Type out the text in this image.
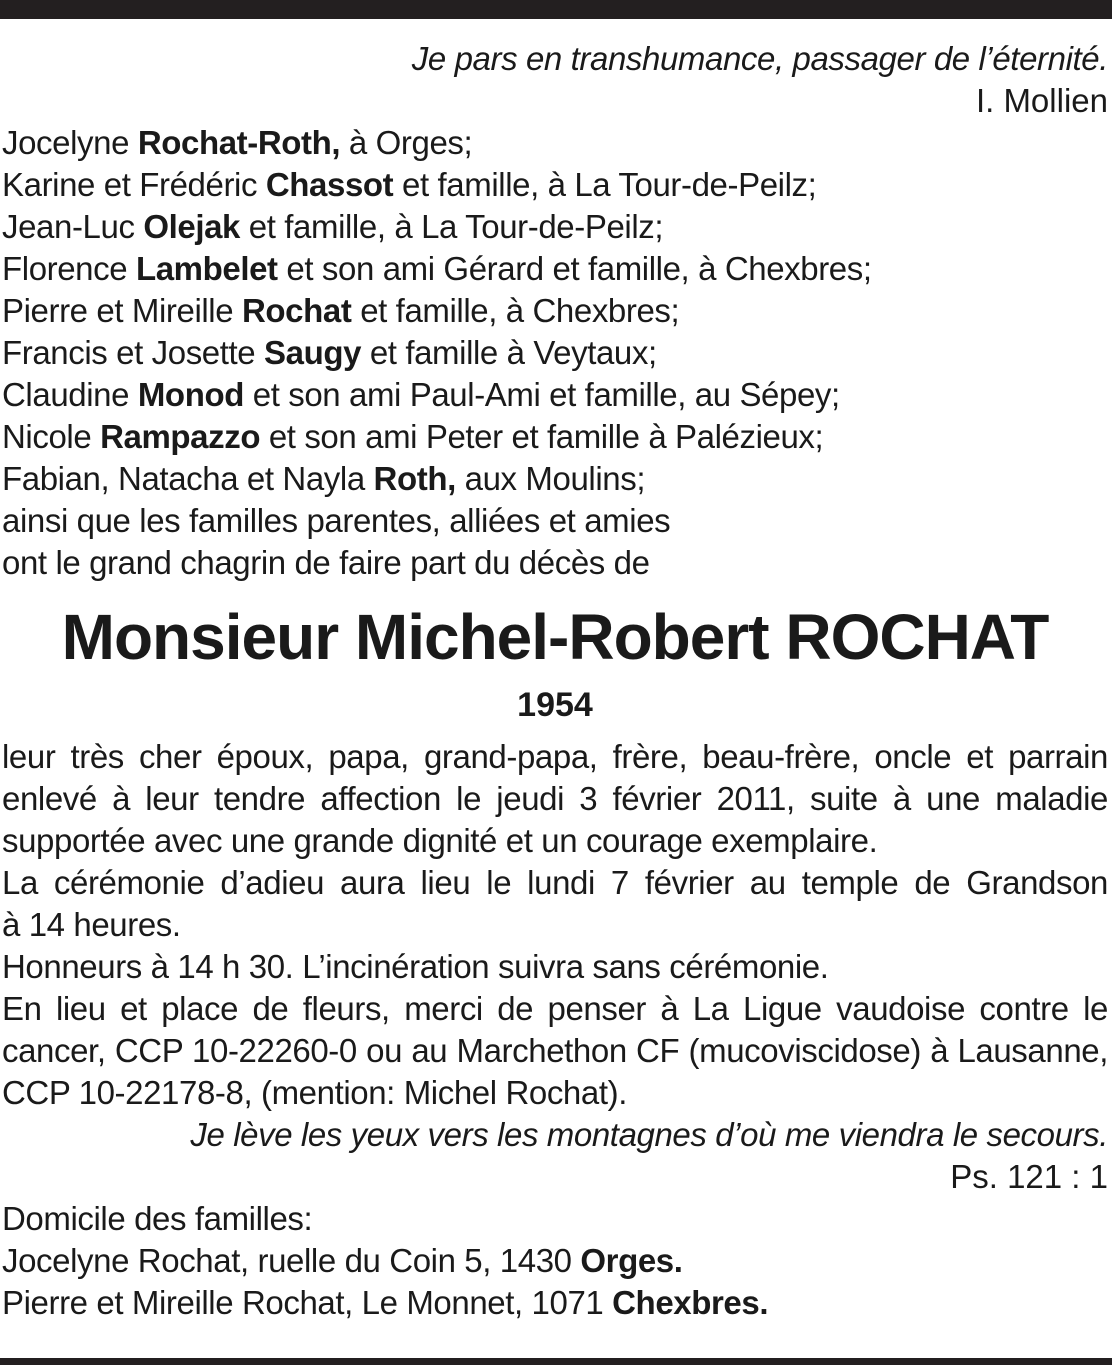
Je pars en transhumance, passager de l’éternité.
I. Mollien
Jocelyne Rochat-Roth, à Orges;
Karine et Frédéric Chassot et famille, à La Tour-de-Peilz;
Jean-Luc Olejak et famille, à La Tour-de-Peilz;
Florence Lambelet et son ami Gérard et famille, à Chexbres;
Pierre et Mireille Rochat et famille, à Chexbres;
Francis et Josette Saugy et famille à Veytaux;
Claudine Monod et son ami Paul-Ami et famille, au Sépey;
Nicole Rampazzo et son ami Peter et famille à Palézieux;
Fabian, Natacha et Nayla Roth, aux Moulins;
ainsi que les familles parentes, alliées et amies
ont le grand chagrin de faire part du décès de
Monsieur Michel-Robert ROCHAT
1954
leur très cher époux, papa, grand-papa, frère, beau-frère, oncle et parrain
enlevé à leur tendre affection le jeudi 3 février 2011, suite à une maladie
supportée avec une grande dignité et un courage exemplaire.
La cérémonie d’adieu aura lieu le lundi 7 février au temple de Grandson
à 14 heures.
Honneurs à 14 h 30. L’incinération suivra sans cérémonie.
En lieu et place de fleurs, merci de penser à La Ligue vaudoise contre le
cancer, CCP 10-22260-0 ou au Marchethon CF (mucoviscidose) à Lausanne,
CCP 10-22178-8, (mention: Michel Rochat).
Je lève les yeux vers les montagnes d’où me viendra le secours.
Ps. 121 : 1
Domicile des familles:
Jocelyne Rochat, ruelle du Coin 5, 1430 Orges.
Pierre et Mireille Rochat, Le Monnet, 1071 Chexbres.
